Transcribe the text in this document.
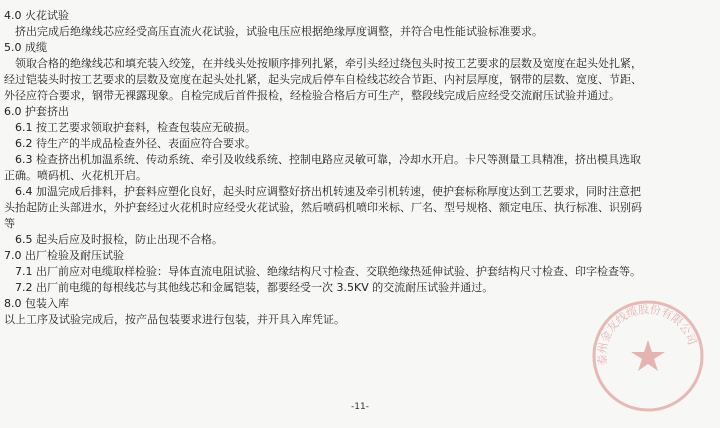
4.0 火花试验
　挤出完成后绝缘线芯应经受高压直流火花试验，试验电压应根据绝缘厚度调整，并符合电性能试验标准要求。
5.0 成缆
　领取合格的绝缘线芯和填充装入绞笼，在并线头处按顺序排列扎紧，牵引头经过绕包头时按工艺要求的层数及宽度在起头处扎紧，
经过铠装头时按工艺要求的层数及宽度在起头处扎紧，起头完成后停车自检线芯绞合节距、内衬层厚度，钢带的层数、宽度、节距、
外径应符合要求，钢带无裸露现象。自检完成后首件报检，经检验合格后方可生产，整段线完成后应经受交流耐压试验并通过。
6.0 护套挤出
　6.1 按工艺要求领取护套料，检查包装应无破损。
　6.2 待生产的半成品检查外径、表面应符合要求。
　6.3 检查挤出机加温系统、传动系统、牵引及收线系统、控制电路应灵敏可靠，冷却水开启。卡尺等测量工具精准，挤出模具选取
正确。喷码机、火花机开启。
　6.4 加温完成后排料，护套料应塑化良好，起头时应调整好挤出机转速及牵引机转速，使护套标称厚度达到工艺要求，同时注意把
头抬起防止头部进水，外护套经过火花机时应经受火花试验，然后喷码机喷印米标、厂名、型号规格、额定电压、执行标准、识别码
等
　6.5 起头后应及时报检，防止出现不合格。
7.0 出厂检验及耐压试验
　7.1 出厂前应对电缆取样检验：导体直流电阻试验、绝缘结构尺寸检查、交联绝缘热延伸试验、护套结构尺寸检查、印字检查等。
　7.2 出厂前电缆的每根线芯与其他线芯和金属铠装，都要经受一次 3.5KV 的交流耐压试验并通过。
8.0 包装入库
以上工序及试验完成后，按产品包装要求进行包装，并开具入库凭证。
泰州金友线缆股份有限公司
-11-
